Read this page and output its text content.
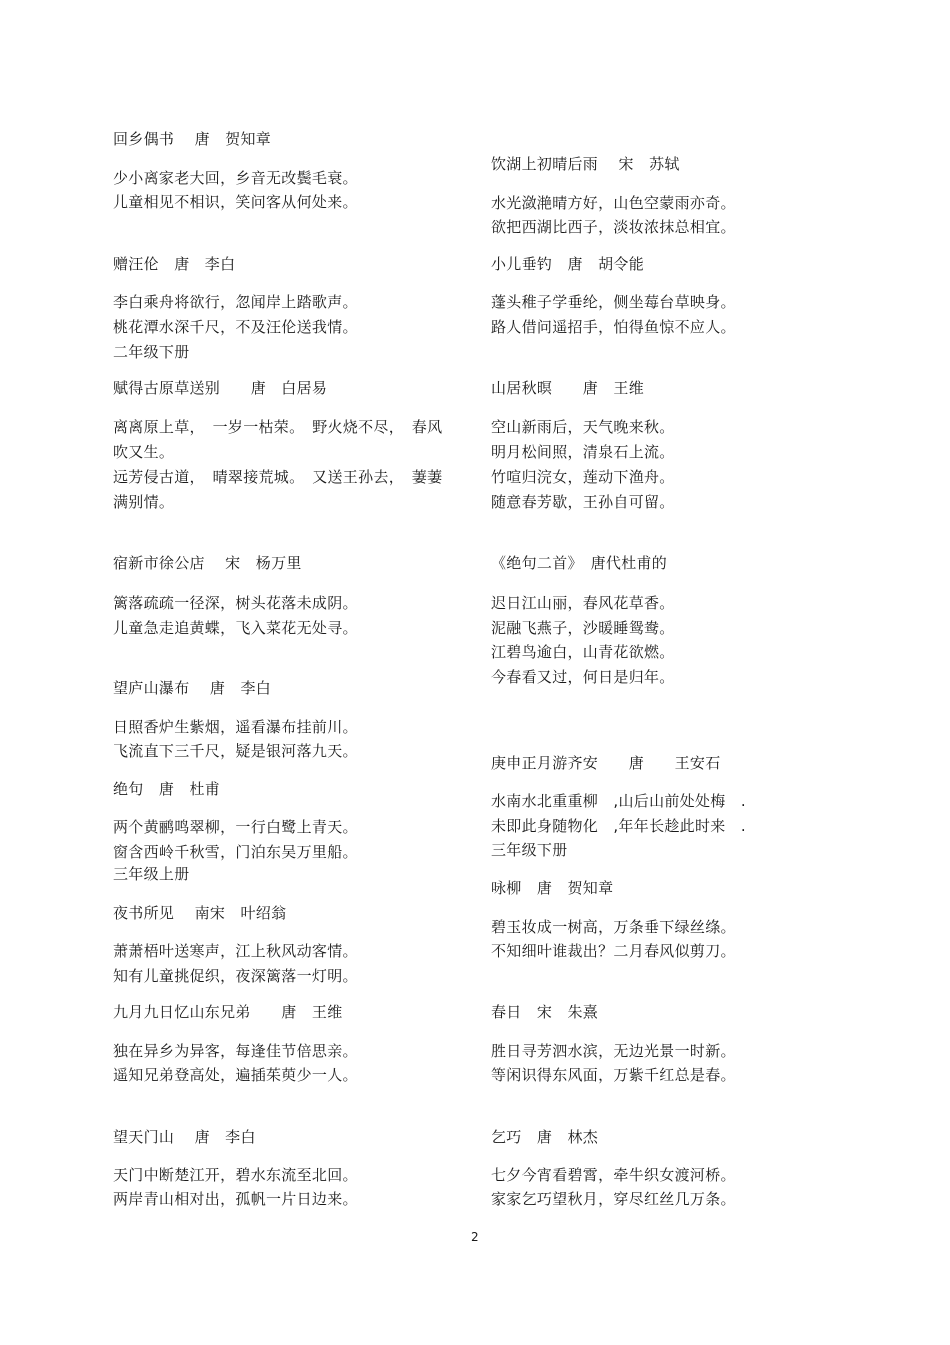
回乡偶书　 唐　贺知章
少小离家老大回，乡音无改鬓毛衰。
儿童相见不相识，笑问客从何处来。
赠汪伦　唐　李白
李白乘舟将欲行，忽闻岸上踏歌声。
桃花潭水深千尺，不及汪伦送我情。
二年级下册
赋得古原草送别　　唐　白居易
离离原上草，　一岁一枯荣。　野火烧不尽，　春风
吹又生。
远芳侵古道，　晴翠接荒城。　又送王孙去，　萋萋
满别情。
宿新市徐公店　 宋　杨万里
篱落疏疏一径深，树头花落未成阴。
儿童急走追黄蝶，飞入菜花无处寻。
望庐山瀑布　 唐　李白
日照香炉生紫烟，遥看瀑布挂前川。
飞流直下三千尺，疑是银河落九天。
绝句　唐　杜甫
两个黄鹂鸣翠柳，一行白鹭上青天。
窗含西岭千秋雪，门泊东吴万里船。
三年级上册
夜书所见　 南宋　叶绍翁
萧萧梧叶送寒声，江上秋风动客情。
知有儿童挑促织，夜深篱落一灯明。
九月九日忆山东兄弟　　唐　王维
独在异乡为异客，每逢佳节倍思亲。
遥知兄弟登高处，遍插茱萸少一人。
望天门山　 唐　李白
天门中断楚江开，碧水东流至北回。
两岸青山相对出，孤帆一片日边来。
饮湖上初晴后雨　 宋　苏轼
水光潋滟晴方好，山色空蒙雨亦奇。
欲把西湖比西子，淡妆浓抹总相宜。
小儿垂钓　唐　胡令能
蓬头稚子学垂纶，侧坐莓台草映身。
路人借问遥招手，怕得鱼惊不应人。
山居秋暝　　唐　王维
空山新雨后，天气晚来秋。
明月松间照，清泉石上流。
竹喧归浣女，莲动下渔舟。
随意春芳歇，王孙自可留。
《绝句二首》　唐代杜甫的
迟日江山丽，春风花草香。
泥融飞燕子，沙暖睡鸳鸯。
江碧鸟逾白，山青花欲燃。
今春看又过，何日是归年。
庚申正月游齐安　　唐　　王安石
水南水北重重柳　,山后山前处处梅　.
未即此身随物化　,年年长趁此时来　.
三年级下册
咏柳　唐　贺知章
碧玉妆成一树高，万条垂下绿丝绦。
不知细叶谁裁出？二月春风似剪刀。
春日　宋　朱熹
胜日寻芳泗水滨，无边光景一时新。
等闲识得东风面，万紫千红总是春。
乞巧　唐　林杰
七夕今宵看碧霄，牵牛织女渡河桥。
家家乞巧望秋月，穿尽红丝几万条。
2
